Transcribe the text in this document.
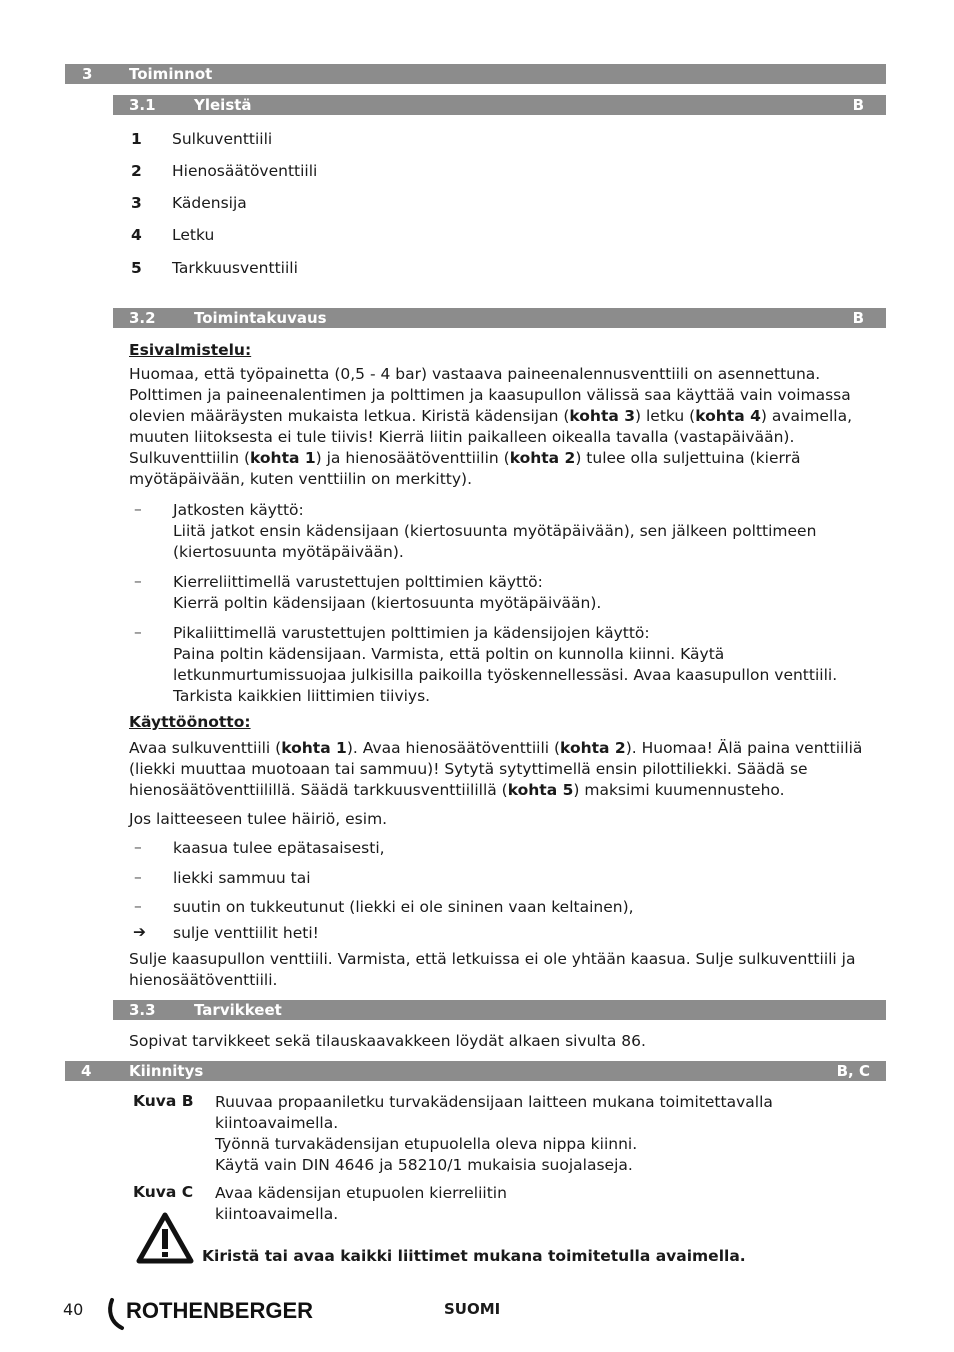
3 Toiminnot
3.1	Yleistä	B
1 Sulkuventtiili
2 Hienosäätöventtiili
3 Kädensija
4 Letku
5 Tarkkuusventtiili
3.2	Toimintakuvaus	B
Esivalmistelu:
Huomaa, että työpainetta (0,5 - 4 bar) vastaava paineenalennusventtiili on asennettuna.
Polttimen ja paineenalentimen ja polttimen ja kaasupullon välissä saa käyttää vain voimassa
olevien määräysten mukaista letkua. Kiristä kädensijan (kohta 3) letku (kohta 4) avaimella,
muuten liitoksesta ei tule tiivis! Kierrä liitin paikalleen oikealla tavalla (vastapäivään).
Sulkuventtiilin (kohta 1) ja hienosäätöventtiilin (kohta 2) tulee olla suljettuina (kierrä
myötäpäivään, kuten venttiilin on merkitty).
– Jatkosten käyttö:
Liitä jatkot ensin kädensijaan (kiertosuunta myötäpäivään), sen jälkeen polttimeen
(kiertosuunta myötäpäivään).
– Kierreliittimellä varustettujen polttimien käyttö:
Kierrä poltin kädensijaan (kiertosuunta myötäpäivään).
– Pikaliittimellä varustettujen polttimien ja kädensijojen käyttö:
Paina poltin kädensijaan. Varmista, että poltin on kunnolla kiinni. Käytä
letkunmurtumissuojaa julkisilla paikoilla työskennellessäsi. Avaa kaasupullon venttiili.
Tarkista kaikkien liittimien tiiviys.
Käyttöönotto:
Avaa sulkuventtiili (kohta 1). Avaa hienosäätöventtiili (kohta 2). Huomaa! Älä paina venttiiliä
(liekki muuttaa muotoaan tai sammuu)! Sytytä sytyttimellä ensin pilottiliekki. Säädä se
hienosäätöventtiilillä. Säädä tarkkuusventtiilillä (kohta 5) maksimi kuumennusteho.
Jos laitteeseen tulee häiriö, esim.
– kaasua tulee epätasaisesti,
– liekki sammuu tai
– suutin on tukkeutunut (liekki ei ole sininen vaan keltainen),
➔ sulje venttiilit heti!
Sulje kaasupullon venttiili. Varmista, että letkuissa ei ole yhtään kaasua. Sulje sulkuventtiili ja
hienosäätöventtiili.
3.3	Tarvikkeet
Sopivat tarvikkeet sekä tilauskaavakkeen löydät alkaen sivulta 86.
4	Kiinnitys	B, C
Kuva B Ruuvaa propaaniletku turvakädensijaan laitteen mukana toimitettavalla
kiintoavaimella.
Työnnä turvakädensijan etupuolella oleva nippa kiinni.
Käytä vain DIN 4646 ja 58210/1 mukaisia suojalaseja.
Kuva C Avaa kädensijan etupuolen kierreliitin
kiintoavaimella.
Kiristä tai avaa kaikki liittimet mukana toimitetulla avaimella.
40 ROTHENBERGER	SUOMI
